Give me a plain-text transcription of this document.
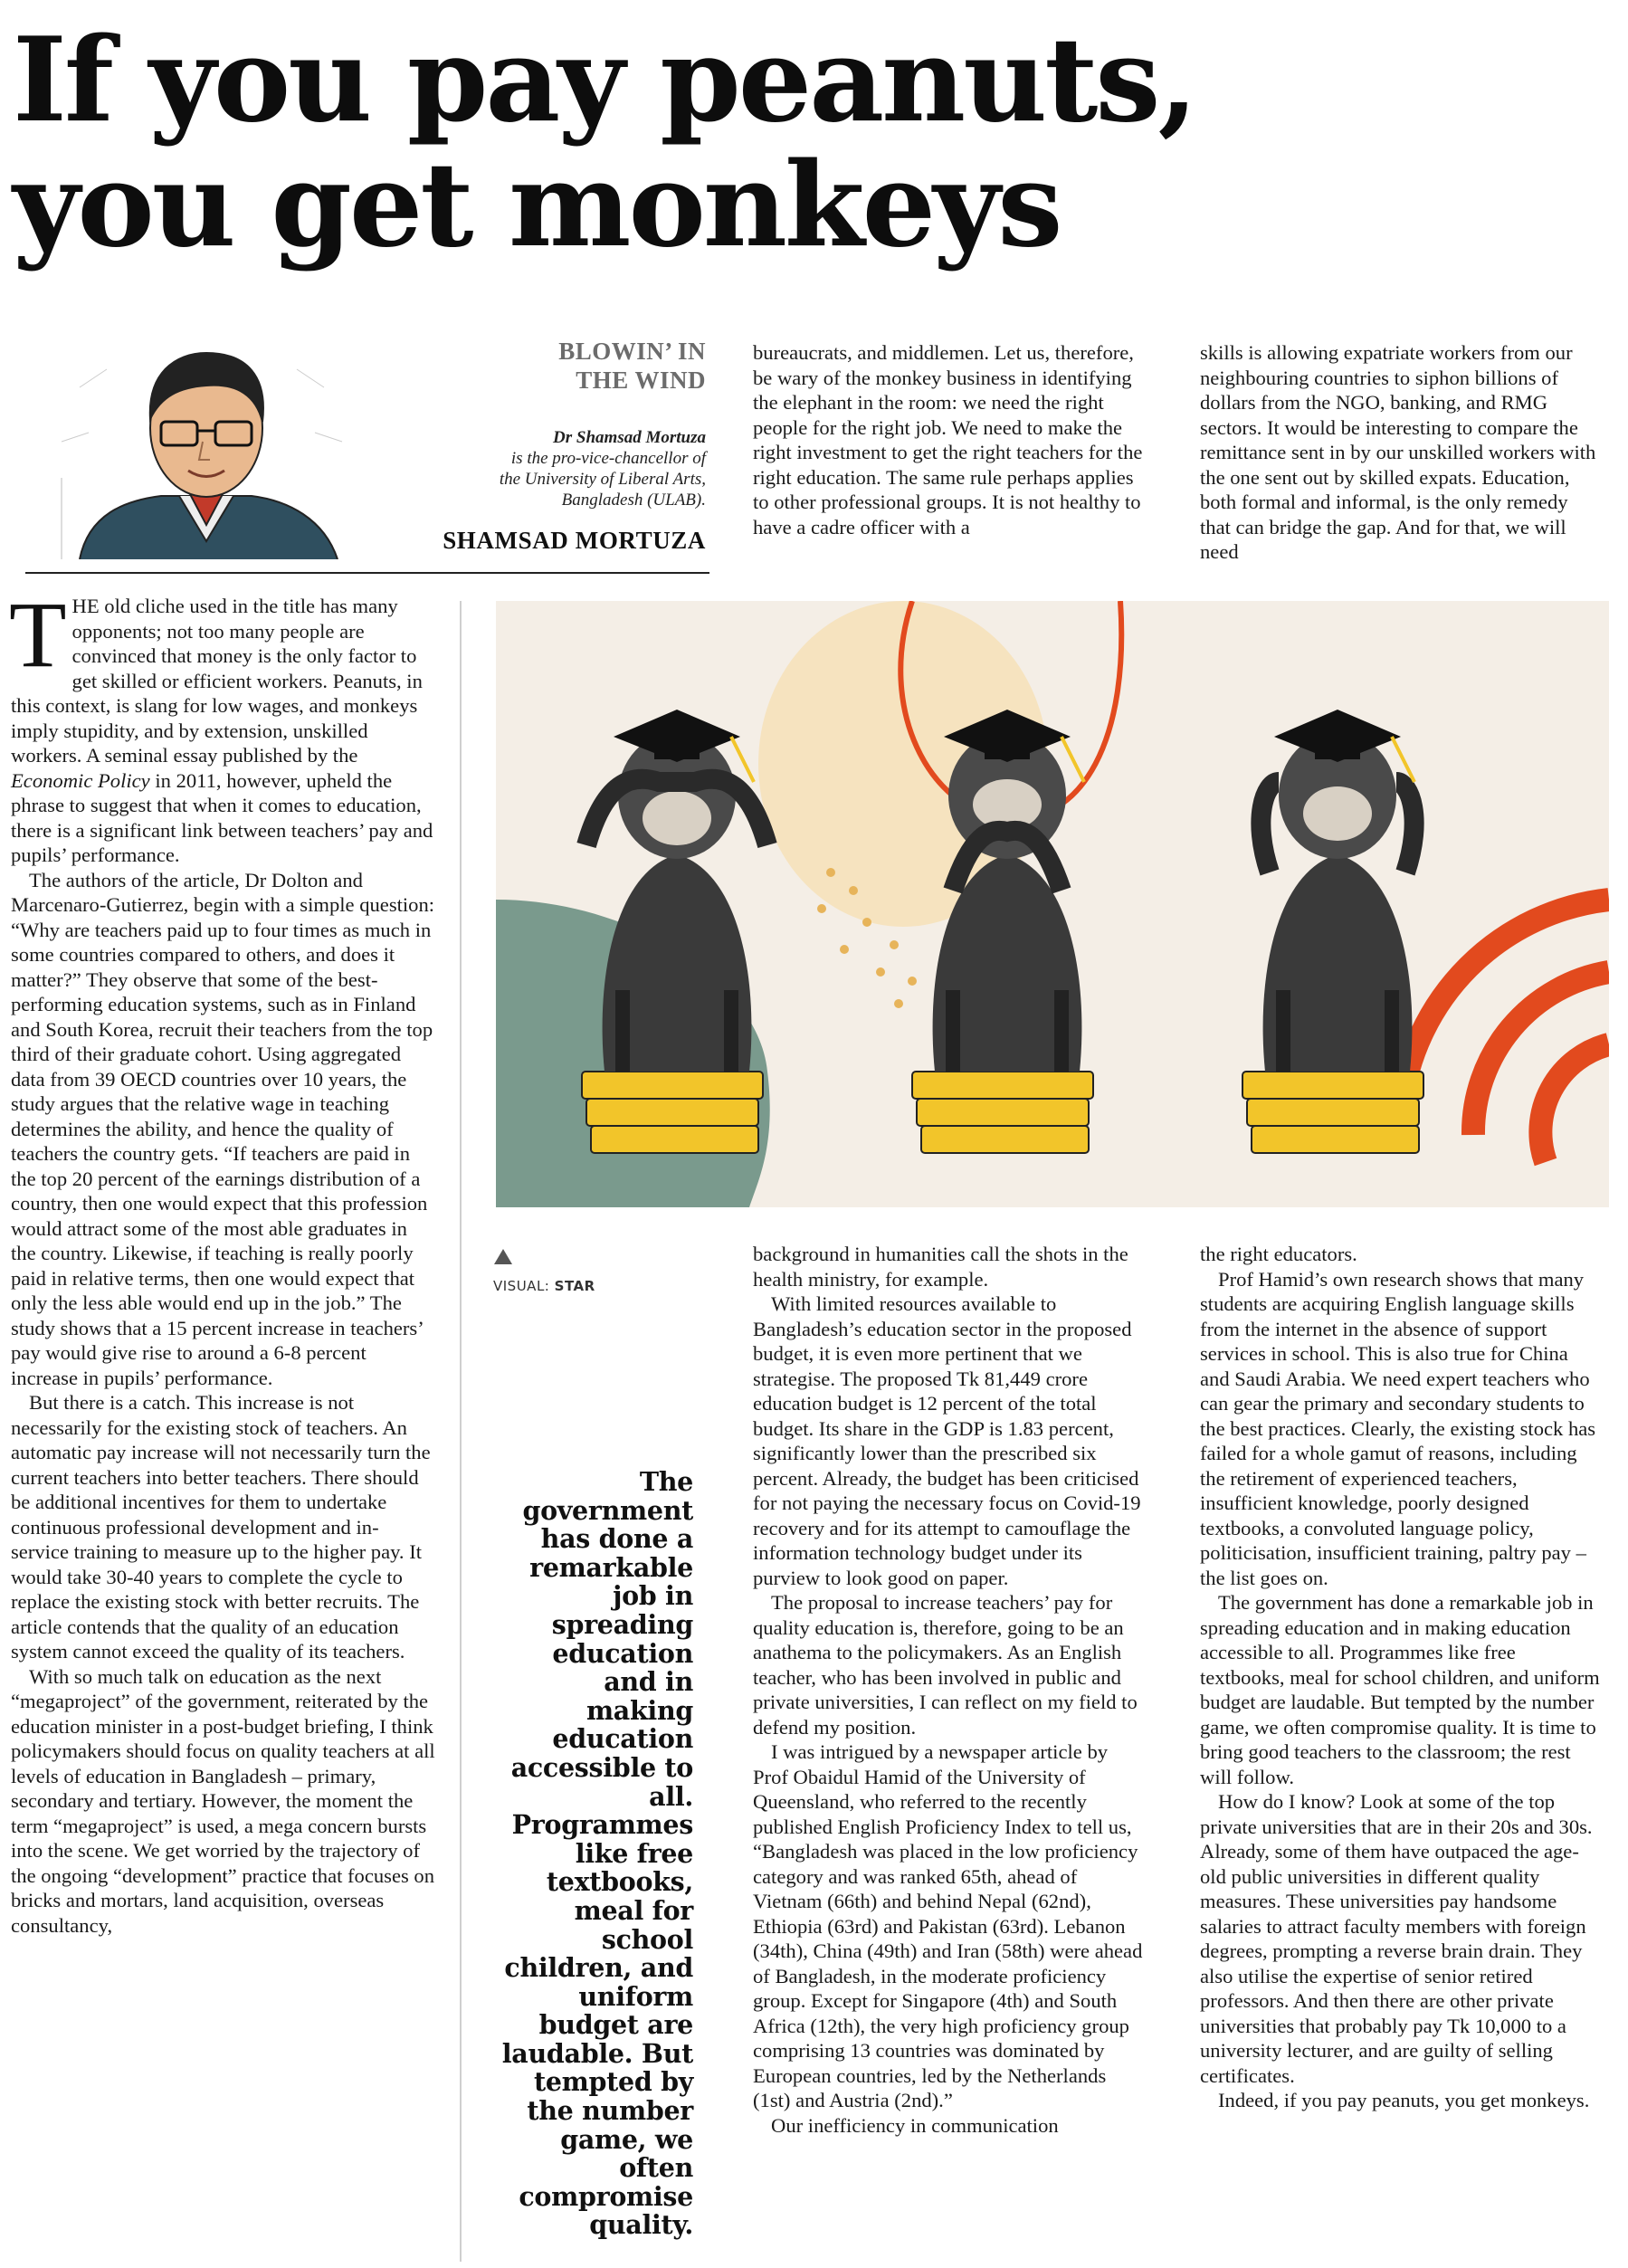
If you pay peanuts, you get monkeys
BLOWIN’ IN
THE WIND
Dr Shamsad Mortuza
is the pro-vice-chancellor of
the University of Liberal Arts,
Bangladesh (ULAB).
SHAMSAD MORTUZA

THE old cliche used in the title has many opponents; not too many people are convinced that money is the only factor to get skilled or efficient workers. Peanuts, in this context, is slang for low wages, and monkeys imply stupidity, and by extension, unskilled workers. A seminal essay published by the Economic Policy in 2011, however, upheld the phrase to suggest that when it comes to education, there is a significant link between teachers’ pay and pupils’ performance.

The authors of the article, Dr Dolton and Marcenaro-Gutierrez, begin with a simple question: “Why are teachers paid up to four times as much in some countries compared to others, and does it matter?” They observe that some of the best-performing education systems, such as in Finland and South Korea, recruit their teachers from the top third of their graduate cohort. Using aggregated data from 39 OECD countries over 10 years, the study argues that the relative wage in teaching determines the ability, and hence the quality of teachers the country gets. “If teachers are paid in the top 20 percent of the earnings distribution of a country, then one would expect that this profession would attract some of the most able graduates in the country. Likewise, if teaching is really poorly paid in relative terms, then one would expect that only the less able would end up in the job.” The study shows that a 15 percent increase in teachers’ pay would give rise to around a 6-8 percent increase in pupils’ performance.

But there is a catch. This increase is not necessarily for the existing stock of teachers. An automatic pay increase will not necessarily turn the current teachers into better teachers. There should be additional incentives for them to undertake continuous professional development and in-service training to measure up to the higher pay. It would take 30-40 years to complete the cycle to replace the existing stock with better recruits. The article contends that the quality of an education system cannot exceed the quality of its teachers.

With so much talk on education as the next “megaproject” of the government, reiterated by the education minister in a post-budget briefing, I think policymakers should focus on quality teachers at all levels of education in Bangladesh – primary, secondary and tertiary. However, the moment the term “megaproject” is used, a mega concern bursts into the scene. We get worried by the trajectory of the ongoing “development” practice that focuses on bricks and mortars, land acquisition, overseas consultancy,

bureaucrats, and middlemen. Let us, therefore, be wary of the monkey business in identifying the elephant in the room: we need the right people for the right job. We need to make the right investment to get the right teachers for the right education. The same rule perhaps applies to other professional groups. It is not healthy to have a cadre officer with a

skills is allowing expatriate workers from our neighbouring countries to siphon billions of dollars from the NGO, banking, and RMG sectors. It would be interesting to compare the remittance sent in by our unskilled workers with the one sent out by skilled expats. Education, both formal and informal, is the only remedy that can bridge the gap. And for that, we will need

VISUAL: STAR
The government has done a remarkable job in spreading education and in making education accessible to all. Programmes like free textbooks, meal for school children, and uniform budget are laudable. But tempted by the number game, we often compromise quality.

background in humanities call the shots in the health ministry, for example.

With limited resources available to Bangladesh’s education sector in the proposed budget, it is even more pertinent that we strategise. The proposed Tk 81,449 crore education budget is 12 percent of the total budget. Its share in the GDP is 1.83 percent, significantly lower than the prescribed six percent. Already, the budget has been criticised for not paying the necessary focus on Covid-19 recovery and for its attempt to camouflage the information technology budget under its purview to look good on paper.

The proposal to increase teachers’ pay for quality education is, therefore, going to be an anathema to the policymakers. As an English teacher, who has been involved in public and private universities, I can reflect on my field to defend my position.

I was intrigued by a newspaper article by Prof Obaidul Hamid of the University of Queensland, who referred to the recently published English Proficiency Index to tell us, “Bangladesh was placed in the low proficiency category and was ranked 65th, ahead of Vietnam (66th) and behind Nepal (62nd), Ethiopia (63rd) and Pakistan (63rd). Lebanon (34th), China (49th) and Iran (58th) were ahead of Bangladesh, in the moderate proficiency group. Except for Singapore (4th) and South Africa (12th), the very high proficiency group comprising 13 countries was dominated by European countries, led by the Netherlands (1st) and Austria (2nd).”

Our inefficiency in communication

the right educators.

Prof Hamid’s own research shows that many students are acquiring English language skills from the internet in the absence of support services in school. This is also true for China and Saudi Arabia. We need expert teachers who can gear the primary and secondary students to the best practices. Clearly, the existing stock has failed for a whole gamut of reasons, including the retirement of experienced teachers, insufficient knowledge, poorly designed textbooks, a convoluted language policy, politicisation, insufficient training, paltry pay – the list goes on.

The government has done a remarkable job in spreading education and in making education accessible to all. Programmes like free textbooks, meal for school children, and uniform budget are laudable. But tempted by the number game, we often compromise quality. It is time to bring good teachers to the classroom; the rest will follow.

How do I know? Look at some of the top private universities that are in their 20s and 30s. Already, some of them have outpaced the age-old public universities in different quality measures. These universities pay handsome salaries to attract faculty members with foreign degrees, prompting a reverse brain drain. They also utilise the expertise of senior retired professors. And then there are other private universities that probably pay Tk 10,000 to a university lecturer, and are guilty of selling certificates.

Indeed, if you pay peanuts, you get monkeys.
